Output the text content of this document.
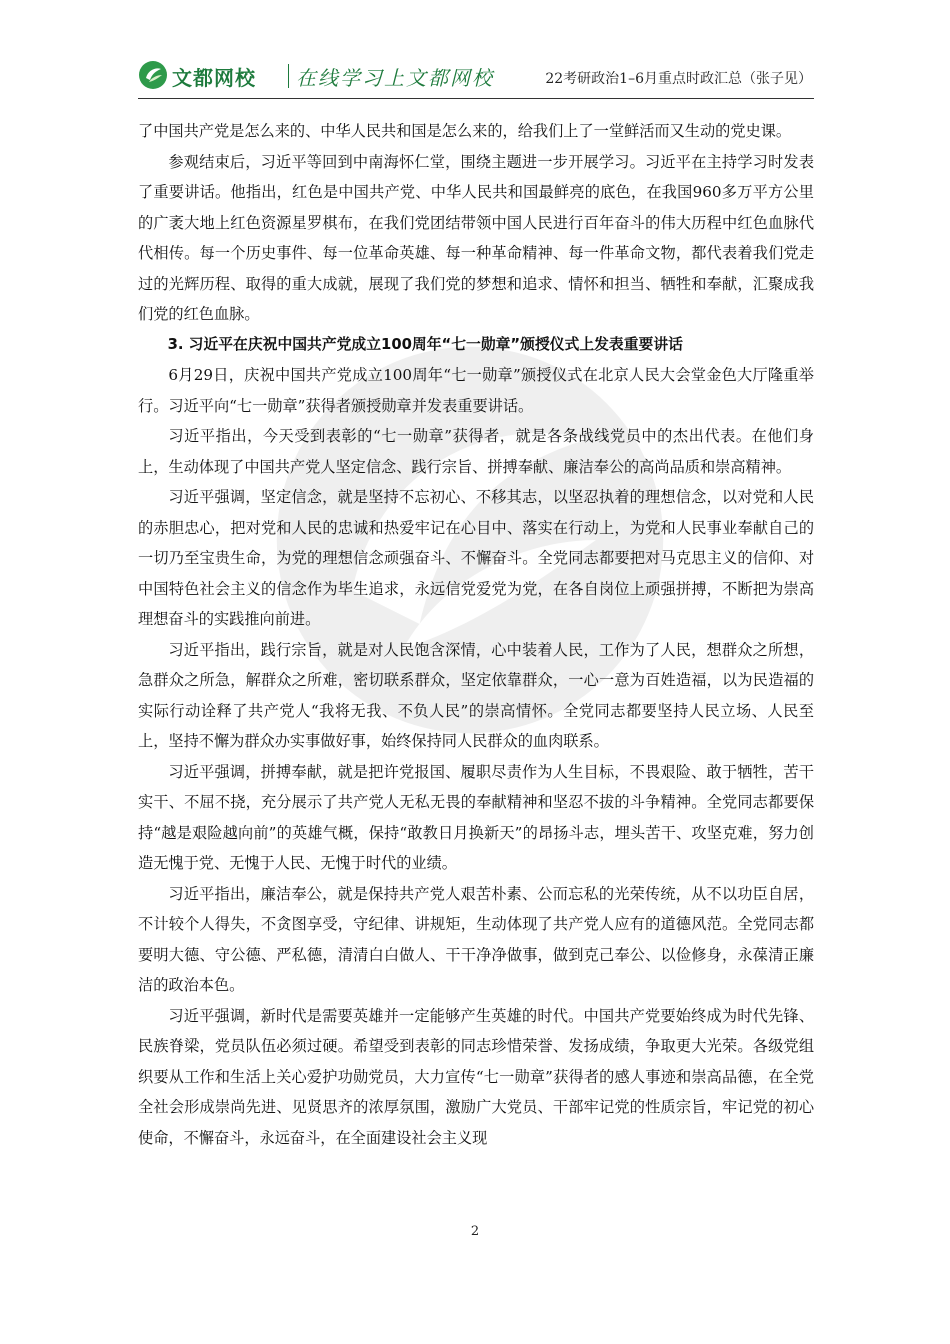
文都网校 在线学习上文都网校	22考研政治1–6月重点时政汇总（张子见）

了中国共产党是怎么来的、中华人民共和国是怎么来的，给我们上了一堂鲜活而又生动的党史课。

参观结束后，习近平等回到中南海怀仁堂，围绕主题进一步开展学习。习近平在主持学习时发表了重要讲话。他指出，红色是中国共产党、中华人民共和国最鲜亮的底色，在我国960多万平方公里的广袤大地上红色资源星罗棋布，在我们党团结带领中国人民进行百年奋斗的伟大历程中红色血脉代代相传。每一个历史事件、每一位革命英雄、每一种革命精神、每一件革命文物，都代表着我们党走过的光辉历程、取得的重大成就，展现了我们党的梦想和追求、情怀和担当、牺牲和奉献，汇聚成我们党的红色血脉。

3. 习近平在庆祝中国共产党成立100周年“七一勋章”颁授仪式上发表重要讲话

6月29日，庆祝中国共产党成立100周年“七一勋章”颁授仪式在北京人民大会堂金色大厅隆重举行。习近平向“七一勋章”获得者颁授勋章并发表重要讲话。

习近平指出，今天受到表彰的“七一勋章”获得者，就是各条战线党员中的杰出代表。在他们身上，生动体现了中国共产党人坚定信念、践行宗旨、拼搏奉献、廉洁奉公的高尚品质和崇高精神。

习近平强调，坚定信念，就是坚持不忘初心、不移其志，以坚忍执着的理想信念，以对党和人民的赤胆忠心，把对党和人民的忠诚和热爱牢记在心目中、落实在行动上，为党和人民事业奉献自己的一切乃至宝贵生命，为党的理想信念顽强奋斗、不懈奋斗。全党同志都要把对马克思主义的信仰、对中国特色社会主义的信念作为毕生追求，永远信党爱党为党，在各自岗位上顽强拼搏，不断把为崇高理想奋斗的实践推向前进。

习近平指出，践行宗旨，就是对人民饱含深情，心中装着人民，工作为了人民，想群众之所想，急群众之所急，解群众之所难，密切联系群众，坚定依靠群众，一心一意为百姓造福，以为民造福的实际行动诠释了共产党人“我将无我、不负人民”的崇高情怀。全党同志都要坚持人民立场、人民至上，坚持不懈为群众办实事做好事，始终保持同人民群众的血肉联系。

习近平强调，拼搏奉献，就是把许党报国、履职尽责作为人生目标，不畏艰险、敢于牺牲，苦干实干、不屈不挠，充分展示了共产党人无私无畏的奉献精神和坚忍不拔的斗争精神。全党同志都要保持“越是艰险越向前”的英雄气概，保持“敢教日月换新天”的昂扬斗志，埋头苦干、攻坚克难，努力创造无愧于党、无愧于人民、无愧于时代的业绩。

习近平指出，廉洁奉公，就是保持共产党人艰苦朴素、公而忘私的光荣传统，从不以功臣自居，不计较个人得失，不贪图享受，守纪律、讲规矩，生动体现了共产党人应有的道德风范。全党同志都要明大德、守公德、严私德，清清白白做人、干干净净做事，做到克己奉公、以俭修身，永葆清正廉洁的政治本色。

习近平强调，新时代是需要英雄并一定能够产生英雄的时代。中国共产党要始终成为时代先锋、民族脊梁，党员队伍必须过硬。希望受到表彰的同志珍惜荣誉、发扬成绩，争取更大光荣。各级党组织要从工作和生活上关心爱护功勋党员，大力宣传“七一勋章”获得者的感人事迹和崇高品德，在全党全社会形成崇尚先进、见贤思齐的浓厚氛围，激励广大党员、干部牢记党的性质宗旨，牢记党的初心使命，不懈奋斗，永远奋斗，在全面建设社会主义现

2
